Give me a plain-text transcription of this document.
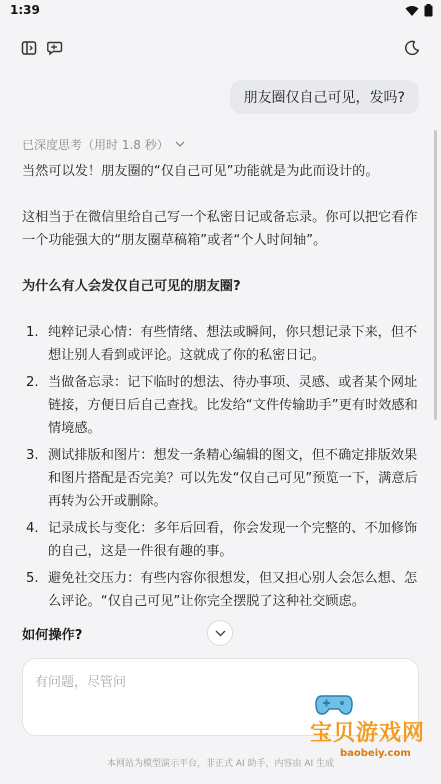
1:39
朋友圈仅自己可见，发吗?
已深度思考（用时 1.8 秒）

当然可以发！朋友圈的“仅自己可见”功能就是为此而设计的。

这相当于在微信里给自己写一个私密日记或备忘录。你可以把它看作一个功能强大的“朋友圈草稿箱”或者“个人时间轴”。

为什么有人会发仅自己可见的朋友圈?
1. 纯粹记录心情：有些情绪、想法或瞬间，你只想记录下来，但不想让别人看到或评论。这就成了你的私密日记。
2. 当做备忘录：记下临时的想法、待办事项、灵感、或者某个网址链接，方便日后自己查找。比发给“文件传输助手”更有时效感和情境感。
3. 测试排版和图片：想发一条精心编辑的图文，但不确定排版效果和图片搭配是否完美？可以先发“仅自己可见”预览一下，满意后再转为公开或删除。
4. 记录成长与变化：多年后回看，你会发现一个完整的、不加修饰的自己，这是一件很有趣的事。
5. 避免社交压力：有些内容你很想发，但又担心别人会怎么想、怎么评论。“仅自己可见”让你完全摆脱了这种社交顾虑。
如何操作?
有问题，尽管问
本网站为模型演示平台，非正式 AI 助手，内容由 AI 生成
宝贝游戏网
baobeiy.com
